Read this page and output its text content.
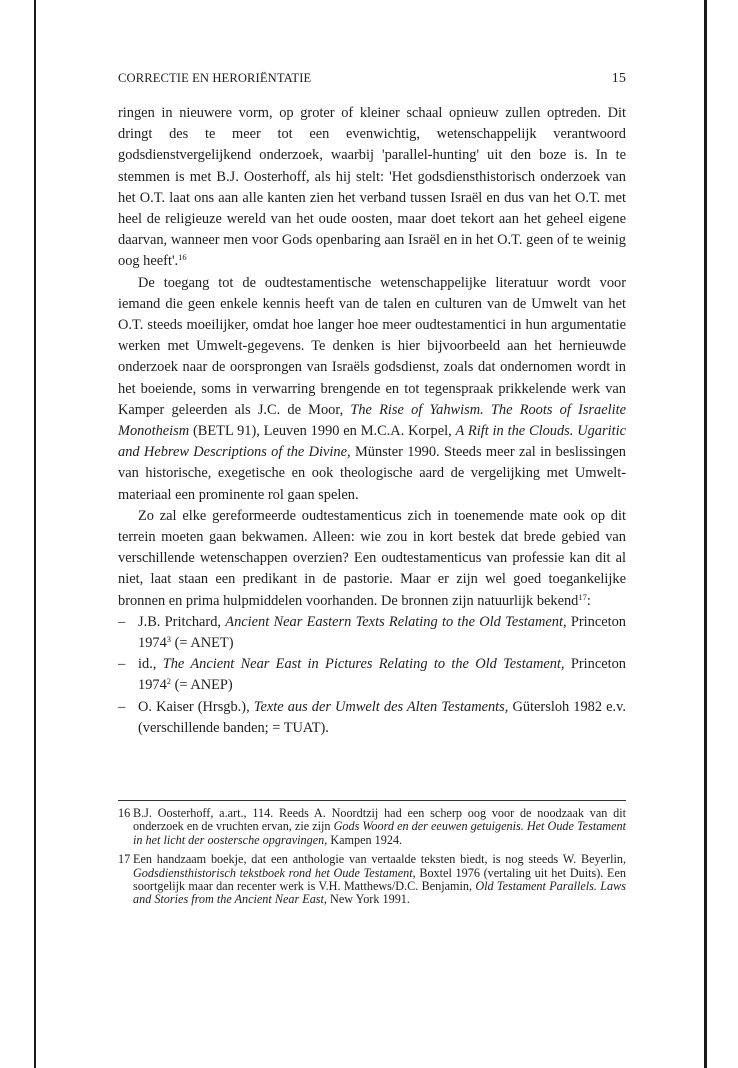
CORRECTIE EN HERORIËNTATIE	15

ringen in nieuwere vorm, op groter of kleiner schaal opnieuw zullen optreden. Dit dringt des te meer tot een evenwichtig, wetenschappelijk verantwoord godsdienstvergelijkend onderzoek, waarbij 'parallel-hunting' uit den boze is. In te stemmen is met B.J. Oosterhoff, als hij stelt: 'Het godsdiensthistorisch onderzoek van het O.T. laat ons aan alle kanten zien het verband tussen Israël en dus van het O.T. met heel de religieuze wereld van het oude oosten, maar doet tekort aan het geheel eigene daarvan, wanneer men voor Gods openbaring aan Israël en in het O.T. geen of te weinig oog heeft'.$^{16}$

De toegang tot de oudtestamentische wetenschappelijke literatuur wordt voor iemand die geen enkele kennis heeft van de talen en culturen van de Umwelt van het O.T. steeds moeilijker, omdat hoe langer hoe meer oudtestamentici in hun argumentatie werken met Umwelt-gegevens. Te denken is hier bijvoorbeeld aan het hernieuwde onderzoek naar de oorsprongen van Israëls godsdienst, zoals dat ondernomen wordt in het boeiende, soms in verwarring brengende en tot tegenspraak prikkelende werk van Kamper geleerden als J.C. de Moor, The Rise of Yahwism. The Roots of Israelite Monotheism (BETL 91), Leuven 1990 en M.C.A. Korpel, A Rift in the Clouds. Ugaritic and Hebrew Descriptions of the Divine, Münster 1990. Steeds meer zal in beslissingen van historische, exegetische en ook theologische aard de vergelijking met Umwelt-materiaal een prominente rol gaan spelen.

Zo zal elke gereformeerde oudtestamenticus zich in toenemende mate ook op dit terrein moeten gaan bekwamen. Alleen: wie zou in kort bestek dat brede gebied van verschillende wetenschappen overzien? Een oudtestamenticus van professie kan dit al niet, laat staan een predikant in de pastorie. Maar er zijn wel goed toegankelijke bronnen en prima hulpmiddelen voorhanden. De bronnen zijn natuurlijk bekend$^{17}$:

– J.B. Pritchard, Ancient Near Eastern Texts Relating to the Old Testament, Princeton 1974$^3$ (= ANET)
– id., The Ancient Near East in Pictures Relating to the Old Testament, Princeton 1974$^2$ (= ANEP)
– O. Kaiser (Hrsgb.), Texte aus der Umwelt des Alten Testaments, Gütersloh 1982 e.v. (verschillende banden; = TUAT).
16 B.J. Oosterhoff, a.art., 114. Reeds A. Noordtzij had een scherp oog voor de noodzaak van dit onderzoek en de vruchten ervan, zie zijn Gods Woord en der eeuwen getuigenis. Het Oude Testament in het licht der oostersche opgravingen, Kampen 1924.
17 Een handzaam boekje, dat een anthologie van vertaalde teksten biedt, is nog steeds W. Beyerlin, Godsdiensthistorisch tekstboek rond het Oude Testament, Boxtel 1976 (vertaling uit het Duits). Een soortgelijk maar dan recenter werk is V.H. Matthews/D.C. Benjamin, Old Testament Parallels. Laws and Stories from the Ancient Near East, New York 1991.
